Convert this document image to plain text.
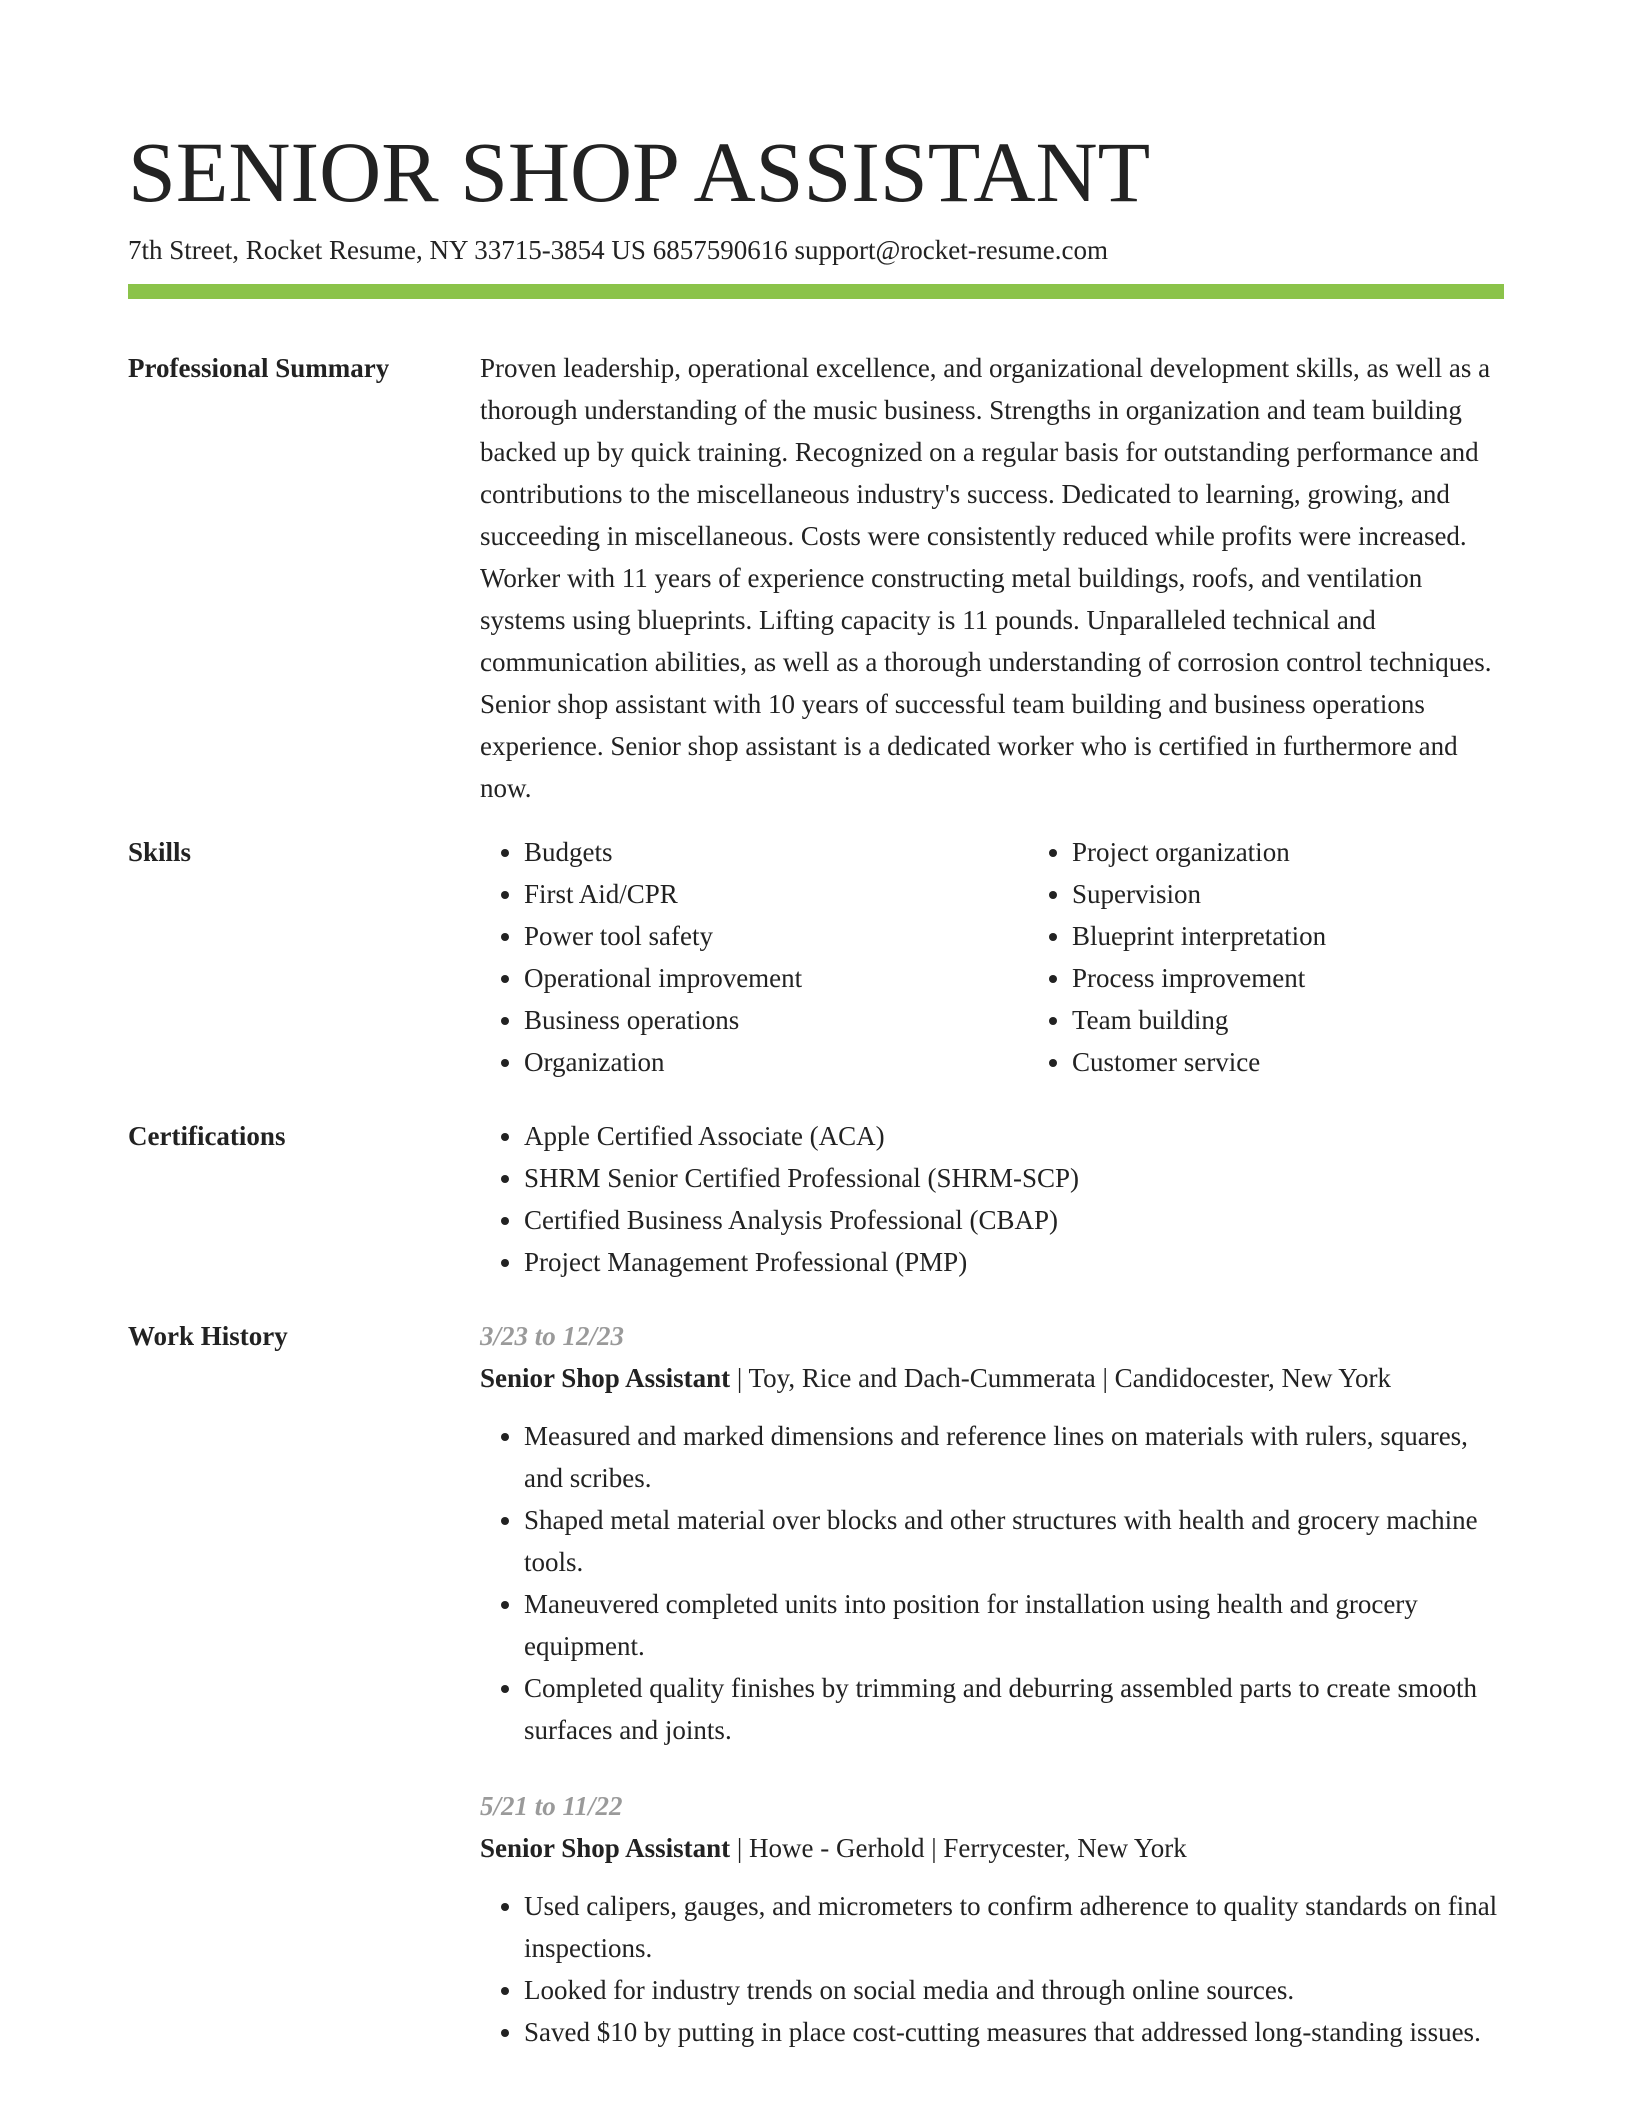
SENIOR SHOP ASSISTANT
7th Street, Rocket Resume, NY 33715-3854 US 6857590616 support@rocket-resume.com
Professional Summary	Proven leadership, operational excellence, and organizational development skills, as well as a thorough understanding of the music business. Strengths in organization and team building backed up by quick training. Recognized on a regular basis for outstanding performance and contributions to the miscellaneous industry's success. Dedicated to learning, growing, and succeeding in miscellaneous. Costs were consistently reduced while profits were increased. Worker with 11 years of experience constructing metal buildings, roofs, and ventilation systems using blueprints. Lifting capacity is 11 pounds. Unparalleled technical and communication abilities, as well as a thorough understanding of corrosion control techniques. Senior shop assistant with 10 years of successful team building and business operations experience. Senior shop assistant is a dedicated worker who is certified in furthermore and now.
Skills	• Budgets
• First Aid/CPR
• Power tool safety
• Operational improvement
• Business operations
• Organization
• Project organization
• Supervision
• Blueprint interpretation
• Process improvement
• Team building
• Customer service
Certifications	• Apple Certified Associate (ACA)
• SHRM Senior Certified Professional (SHRM-SCP)
• Certified Business Analysis Professional (CBAP)
• Project Management Professional (PMP)
Work History	3/23 to 12/23
Senior Shop Assistant | Toy, Rice and Dach-Cummerata | Candidocester, New York
• Measured and marked dimensions and reference lines on materials with rulers, squares, and scribes.
• Shaped metal material over blocks and other structures with health and grocery machine tools.
• Maneuvered completed units into position for installation using health and grocery equipment.
• Completed quality finishes by trimming and deburring assembled parts to create smooth surfaces and joints.
5/21 to 11/22
Senior Shop Assistant | Howe - Gerhold | Ferrycester, New York
• Used calipers, gauges, and micrometers to confirm adherence to quality standards on final inspections.
• Looked for industry trends on social media and through online sources.
• Saved $10 by putting in place cost-cutting measures that addressed long-standing issues.
